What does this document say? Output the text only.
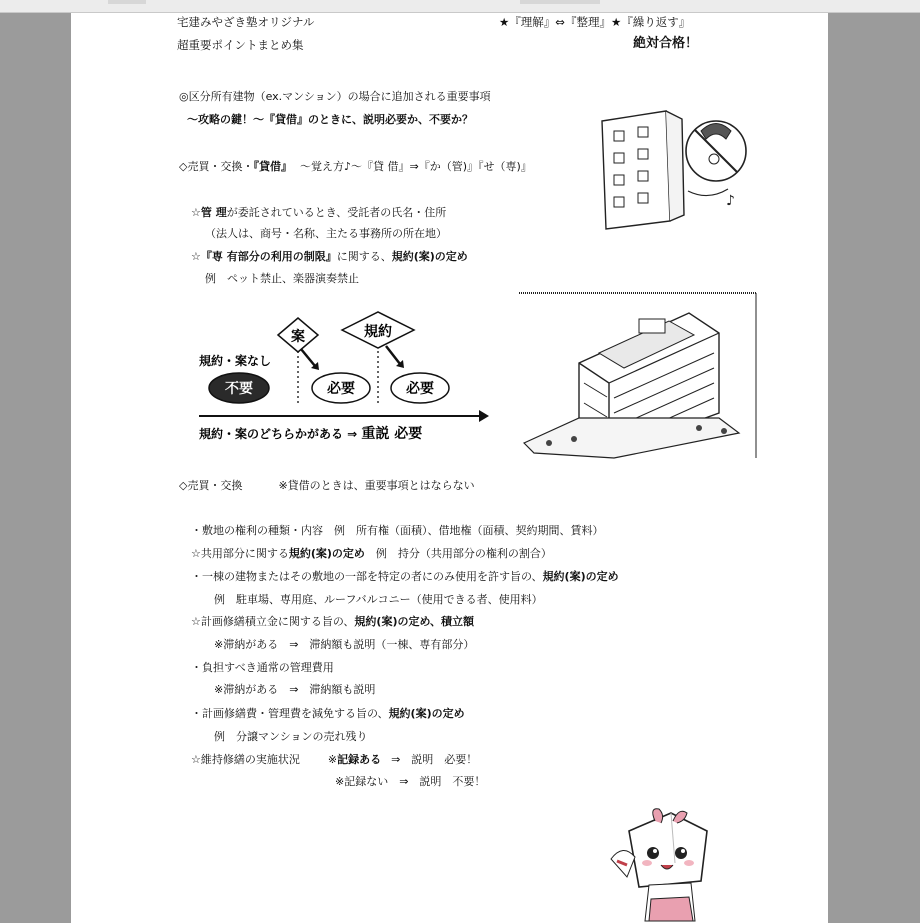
宅建みやざき塾オリジナル
超重要ポイントまとめ集
★『理解』⇔『整理』★『繰り返す』
絶対合格！
◎区分所有建物（ex.マンション）の場合に追加される重要事項
～攻略の鍵！～『貸借』のときに、説明必要か、不要か？
◇売買・交換・『貸借』 ～覚え方♪～『貸 借』⇒『か（管)』『せ（専)』
☆管 理が委託されているとき、受託者の氏名・住所
（法人は、商号・名称、主たる事務所の所在地）
☆『専 有部分の利用の制限』に関する、規約(案)の定め
例　ペット禁止、楽器演奏禁止
案	規約
規約・案なし
不要	必要	必要
規約・案のどちらかがある ⇒ 重説 必要
♪
◇売買・交換	※貸借のときは、重要事項とはならない
・敷地の権利の種類・内容　例　所有権（面積）、借地権（面積、契約期間、賃料）
☆共用部分に関する規約(案)の定め　例　持分（共用部分の権利の割合）
・一棟の建物またはその敷地の一部を特定の者にのみ使用を許す旨の、規約(案)の定め
　例　駐車場、専用庭、ルーフバルコニー（使用できる者、使用料）
☆計画修繕積立金に関する旨の、規約(案)の定め、積立額
　※滞納がある　⇒　滞納額も説明（一棟、専有部分）
・負担すべき通常の管理費用
　※滞納がある　⇒　滞納額も説明
・計画修繕費・管理費を減免する旨の、規約(案)の定め
　例　分譲マンションの売れ残り
☆維持修繕の実施状況	※記録ある ⇒　説明　必要！
※記録ない　⇒　説明　不要！
